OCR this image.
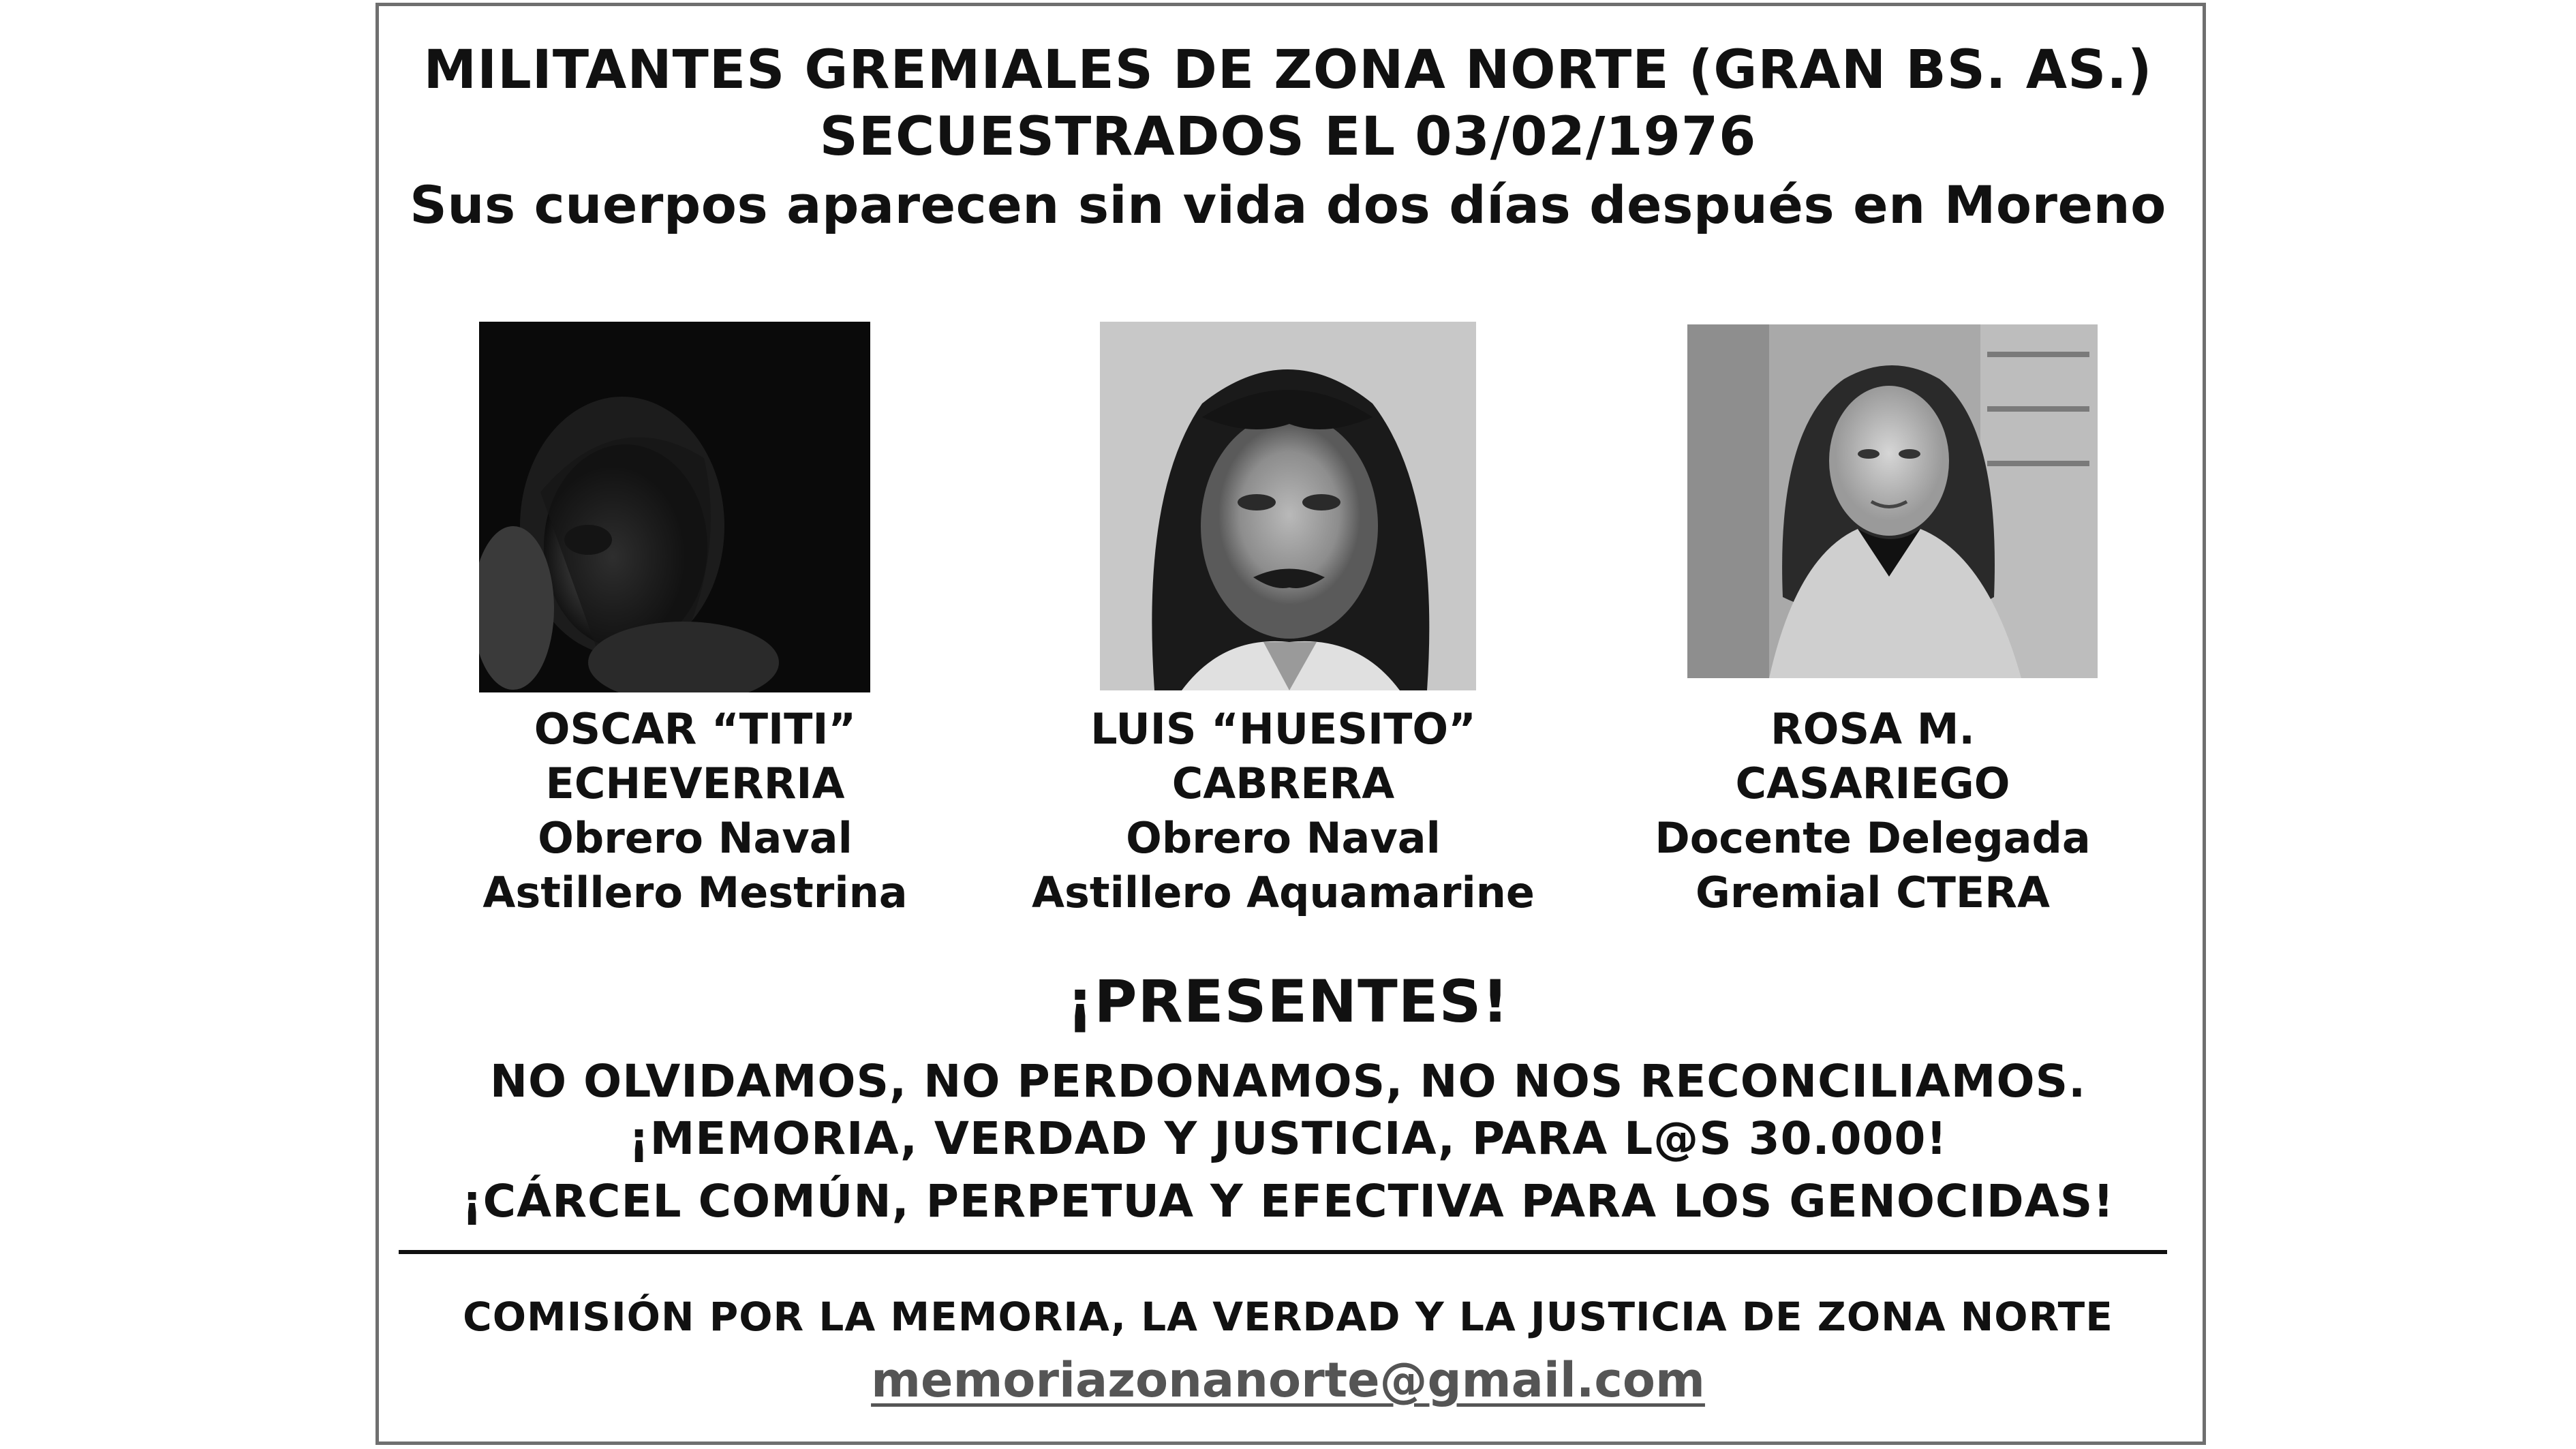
MILITANTES GREMIALES DE ZONA NORTE (GRAN BS. AS.)
SECUESTRADOS EL 03/02/1976
Sus cuerpos aparecen sin vida dos días después en Moreno
OSCAR “TITI”
ECHEVERRIA
Obrero Naval
Astillero Mestrina
LUIS “HUESITO”
CABRERA
Obrero Naval
Astillero Aquamarine
ROSA M.
CASARIEGO
Docente Delegada
Gremial CTERA
¡PRESENTES!
NO OLVIDAMOS, NO PERDONAMOS, NO NOS RECONCILIAMOS.
¡MEMORIA, VERDAD Y JUSTICIA, PARA L@S 30.000!
¡CÁRCEL COMÚN, PERPETUA Y EFECTIVA PARA LOS GENOCIDAS!
COMISIÓN POR LA MEMORIA, LA VERDAD Y LA JUSTICIA DE ZONA NORTE
memoriazonanorte@gmail.com
